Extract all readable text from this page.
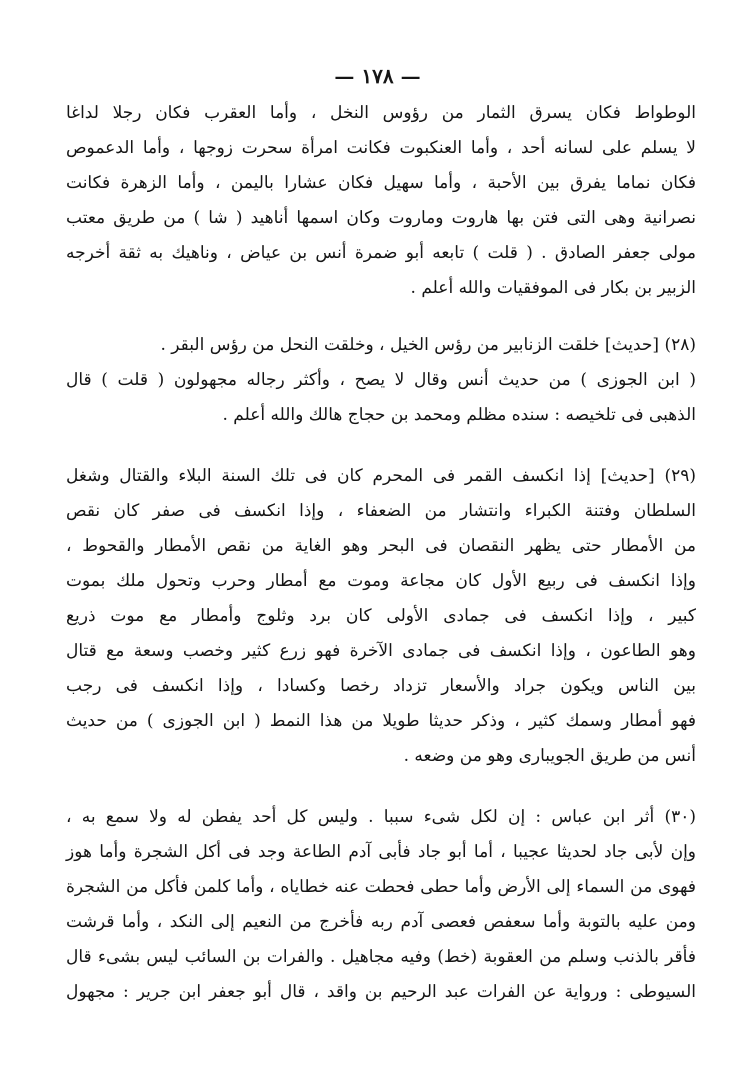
— ١٧٨ —
الوطواط فكان يسرق الثمار من رؤوس النخل ، وأما العقرب فكان رجلا لداغا
لا يسلم على لسانه أحد ، وأما العنكبوت فكانت امرأة سحرت زوجها ، وأما الدعموص
فكان نماما يفرق بين الأحبة ، وأما سهيل فكان عشارا باليمن ، وأما الزهرة فكانت
نصرانية وهى التى فتن بها هاروت وماروت وكان اسمها أناهيد ( شا ) من طريق معتب
مولى جعفر الصادق . ( قلت ) تابعه أبو ضمرة أنس بن عياض ، وناهيك به ثقة أخرجه
الزبير بن بكار فى الموفقيات والله أعلم .
(٢٨) [حديث] خلقت الزنابير من رؤس الخيل ، وخلقت النحل من رؤس البقر .
( ابن الجوزى ) من حديث أنس وقال لا يصح ، وأكثر رجاله مجهولون ( قلت ) قال
الذهبى فى تلخيصه : سنده مظلم ومحمد بن حجاج هالك والله أعلم .
(٢٩) [حديث] إذا انكسف القمر فى المحرم كان فى تلك السنة البلاء والقتال وشغل
السلطان وفتنة الكبراء وانتشار من الضعفاء ، وإذا انكسف فى صفر كان نقص
من الأمطار حتى يظهر النقصان فى البحر وهو الغاية من نقص الأمطار والقحوط ،
وإذا انكسف فى ربيع الأول كان مجاعة وموت مع أمطار وحرب وتحول ملك بموت
كبير ، وإذا انكسف فى جمادى الأولى كان برد وثلوج وأمطار مع موت ذريع
وهو الطاعون ، وإذا انكسف فى جمادى الآخرة فهو زرع كثير وخصب وسعة مع قتال
بين الناس ويكون جراد والأسعار تزداد رخصا وكسادا ، وإذا انكسف فى رجب
فهو أمطار وسمك كثير ، وذكر حديثا طويلا من هذا النمط ( ابن الجوزى ) من حديث
أنس من طريق الجويبارى وهو من وضعه .
(٣٠) أثر ابن عباس : إن لكل شىء سببا . وليس كل أحد يفطن له ولا سمع به ،
وإن لأبى جاد لحديثا عجيبا ، أما أبو جاد فأبى آدم الطاعة وجد فى أكل الشجرة وأما هوز
فهوى من السماء إلى الأرض وأما حطى فحطت عنه خطاياه ، وأما كلمن فأكل من الشجرة
ومن عليه بالتوبة وأما سعفص فعصى آدم ربه فأخرج من النعيم إلى النكد ، وأما قرشت
فأقر بالذنب وسلم من العقوبة (خط) وفيه مجاهيل . والفرات بن السائب ليس بشىء قال
السيوطى : ورواية عن الفرات عبد الرحيم بن واقد ، قال أبو جعفر ابن جرير : مجهول
